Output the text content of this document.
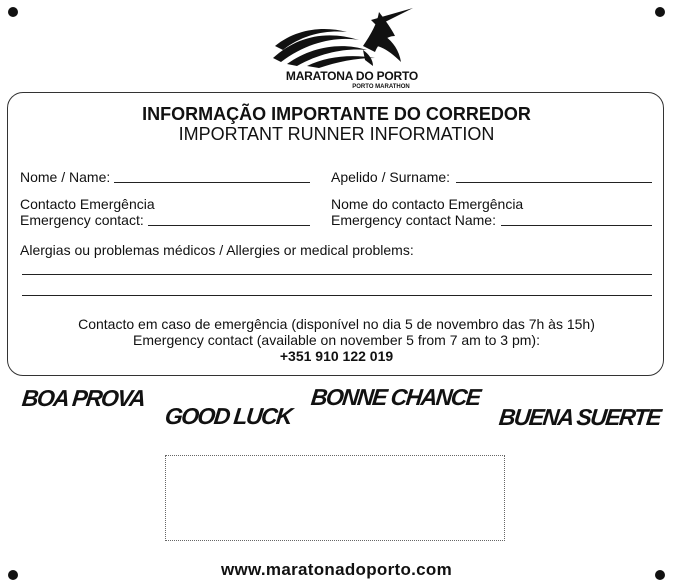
MARATONA DO PORTO
PORTO MARATHON
INFORMAÇÃO IMPORTANTE DO CORREDOR
IMPORTANT RUNNER INFORMATION
Nome / Name:	Apelido / Surname:
Contacto Emergência
Emergency contact:
Nome do contacto Emergência
Emergency contact Name:
Alergias ou problemas médicos / Allergies or medical problems:
Contacto em caso de emergência (disponível no dia 5 de novembro das 7h às 15h)
Emergency contact (available on november 5 from 7 am to 3 pm):
+351 910 122 019
BOA PROVA
GOOD LUCK
BONNE CHANCE
BUENA SUERTE
www.maratonadoporto.com
